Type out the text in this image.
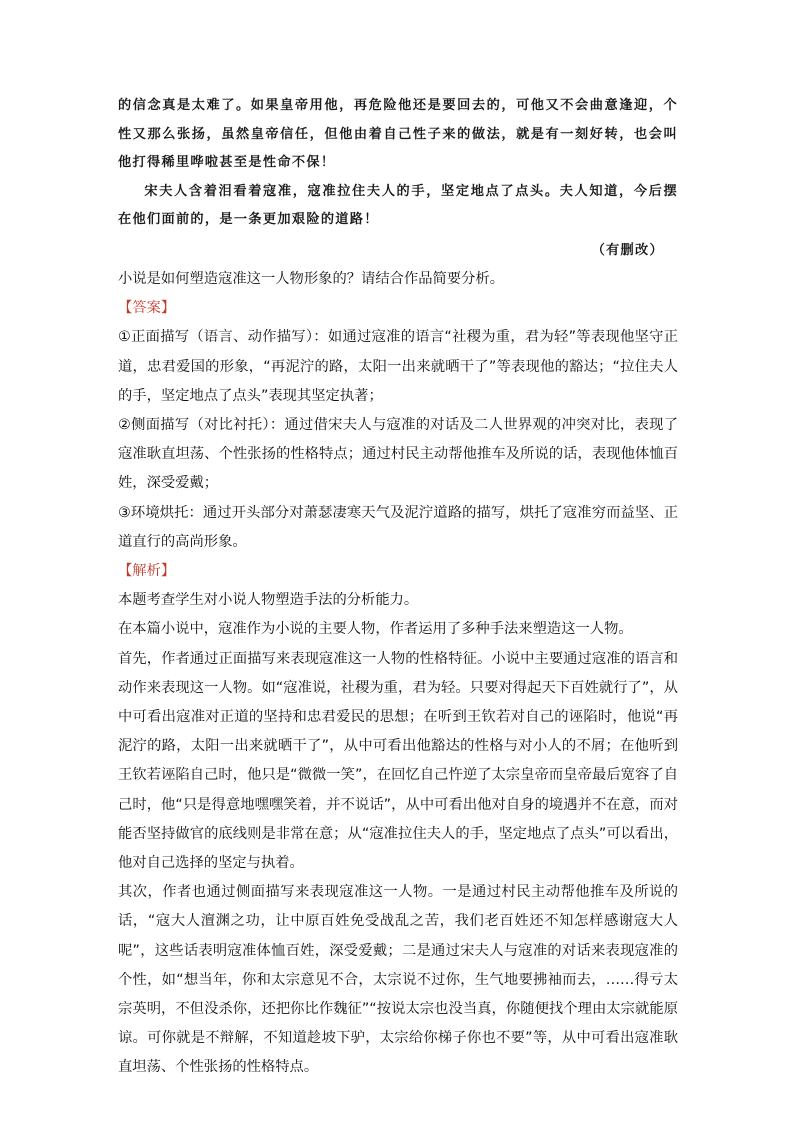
的信念真是太难了。如果皇帝用他，再危险他还是要回去的，可他又不会曲意逢迎，个性又那么张扬，虽然皇帝信任，但他由着自己性子来的做法，就是有一刻好转，也会叫他打得稀里哗啦甚至是性命不保！

宋夫人含着泪看着寇准，寇准拉住夫人的手，坚定地点了点头。夫人知道，今后摆在他们面前的，是一条更加艰险的道路！

（有删改）

小说是如何塑造寇准这一人物形象的？请结合作品简要分析。

【答案】

①正面描写（语言、动作描写）：如通过寇准的语言“社稷为重，君为轻”等表现他坚守正道，忠君爱国的形象，“再泥泞的路，太阳一出来就晒干了”等表现他的豁达；“拉住夫人的手，坚定地点了点头”表现其坚定执著；

②侧面描写（对比衬托）：通过借宋夫人与寇准的对话及二人世界观的冲突对比，表现了寇准耿直坦荡、个性张扬的性格特点；通过村民主动帮他推车及所说的话，表现他体恤百姓，深受爱戴；

③环境烘托：通过开头部分对萧瑟凄寒天气及泥泞道路的描写，烘托了寇准穷而益坚、正道直行的高尚形象。

【解析】

本题考查学生对小说人物塑造手法的分析能力。

在本篇小说中，寇准作为小说的主要人物，作者运用了多种手法来塑造这一人物。

首先，作者通过正面描写来表现寇准这一人物的性格特征。小说中主要通过寇准的语言和动作来表现这一人物。如“寇准说，社稷为重，君为轻。只要对得起天下百姓就行了”，从中可看出寇准对正道的坚持和忠君爱民的思想；在听到王钦若对自己的诬陷时，他说“再泥泞的路，太阳一出来就晒干了”，从中可看出他豁达的性格与对小人的不屑；在他听到王钦若诬陷自己时，他只是“微微一笑”，在回忆自己忤逆了太宗皇帝而皇帝最后宽容了自己时，他“只是得意地嘿嘿笑着，并不说话”，从中可看出他对自身的境遇并不在意，而对能否坚持做官的底线则是非常在意；从“寇准拉住夫人的手，坚定地点了点头”可以看出，他对自己选择的坚定与执着。

其次，作者也通过侧面描写来表现寇准这一人物。一是通过村民主动帮他推车及所说的话，“寇大人澶渊之功，让中原百姓免受战乱之苦，我们老百姓还不知怎样感谢寇大人呢”，这些话表明寇准体恤百姓，深受爱戴；二是通过宋夫人与寇准的对话来表现寇准的个性，如“想当年，你和太宗意见不合，太宗说不过你，生气地要拂袖而去，……得亏太宗英明，不但没杀你，还把你比作魏征”“按说太宗也没当真，你随便找个理由太宗就能原谅。可你就是不辩解，不知道趁坡下驴，太宗给你梯子你也不要”等，从中可看出寇准耿直坦荡、个性张扬的性格特点。
